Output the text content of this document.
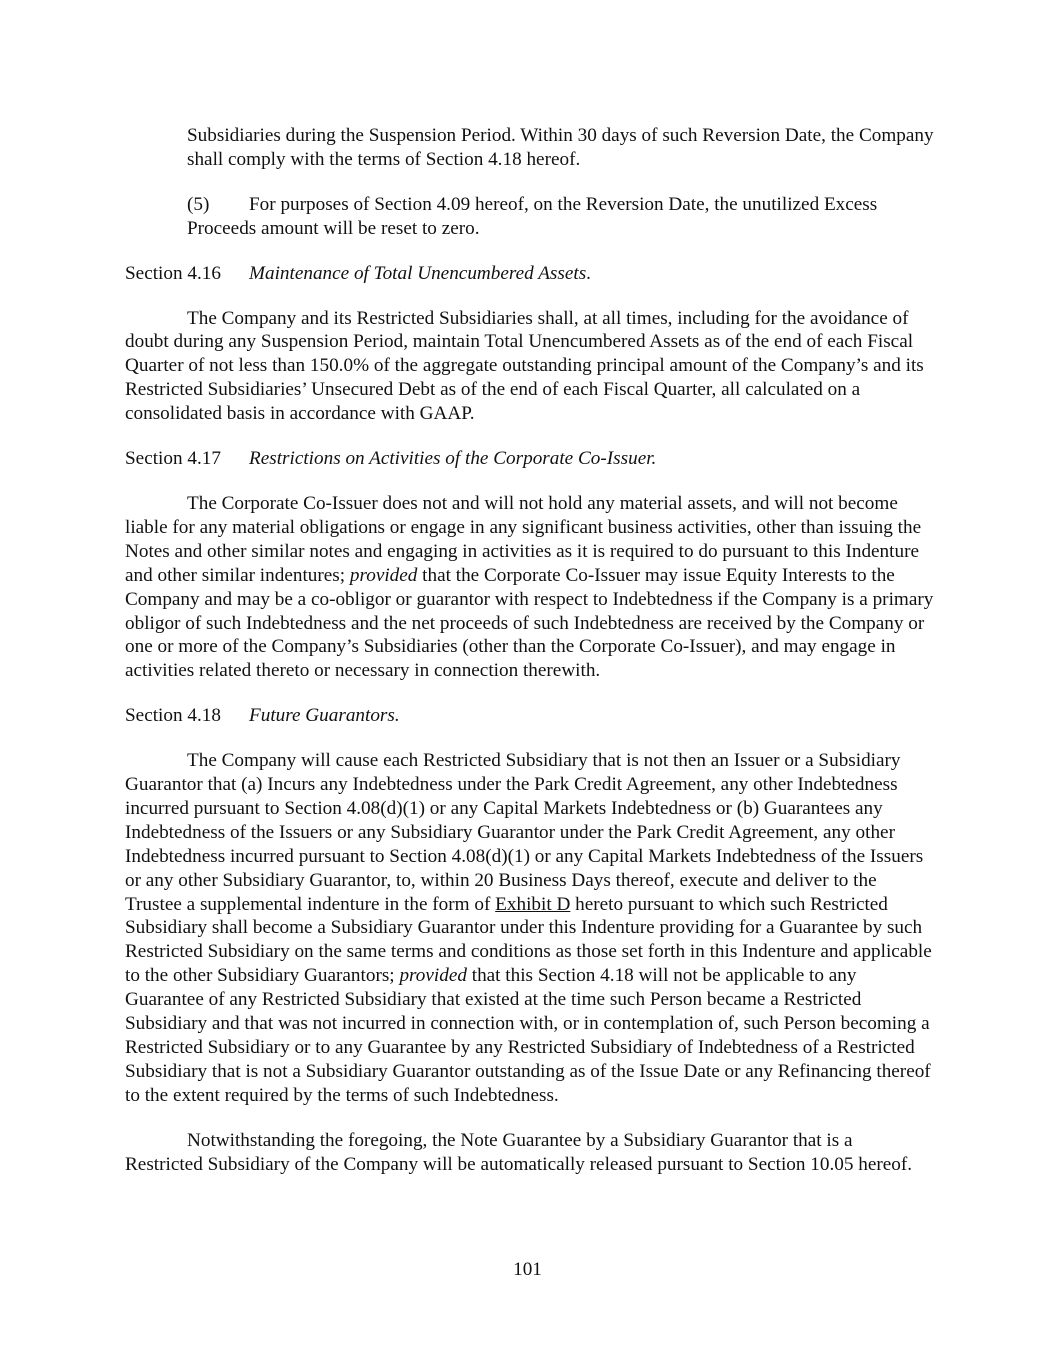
Subsidiaries during the Suspension Period. Within 30 days of such Reversion Date, the Company shall comply with the terms of Section 4.18 hereof.

(5) For purposes of Section 4.09 hereof, on the Reversion Date, the unutilized Excess Proceeds amount will be reset to zero.

Section 4.16 Maintenance of Total Unencumbered Assets.

The Company and its Restricted Subsidiaries shall, at all times, including for the avoidance of doubt during any Suspension Period, maintain Total Unencumbered Assets as of the end of each Fiscal Quarter of not less than 150.0% of the aggregate outstanding principal amount of the Company’s and its Restricted Subsidiaries’ Unsecured Debt as of the end of each Fiscal Quarter, all calculated on a consolidated basis in accordance with GAAP.

Section 4.17 Restrictions on Activities of the Corporate Co-Issuer.

The Corporate Co-Issuer does not and will not hold any material assets, and will not become liable for any material obligations or engage in any significant business activities, other than issuing the Notes and other similar notes and engaging in activities as it is required to do pursuant to this Indenture and other similar indentures; provided that the Corporate Co-Issuer may issue Equity Interests to the Company and may be a co-obligor or guarantor with respect to Indebtedness if the Company is a primary obligor of such Indebtedness and the net proceeds of such Indebtedness are received by the Company or one or more of the Company’s Subsidiaries (other than the Corporate Co-Issuer), and may engage in activities related thereto or necessary in connection therewith.

Section 4.18 Future Guarantors.

The Company will cause each Restricted Subsidiary that is not then an Issuer or a Subsidiary Guarantor that (a) Incurs any Indebtedness under the Park Credit Agreement, any other Indebtedness incurred pursuant to Section 4.08(d)(1) or any Capital Markets Indebtedness or (b) Guarantees any Indebtedness of the Issuers or any Subsidiary Guarantor under the Park Credit Agreement, any other Indebtedness incurred pursuant to Section 4.08(d)(1) or any Capital Markets Indebtedness of the Issuers or any other Subsidiary Guarantor, to, within 20 Business Days thereof, execute and deliver to the Trustee a supplemental indenture in the form of Exhibit D hereto pursuant to which such Restricted Subsidiary shall become a Subsidiary Guarantor under this Indenture providing for a Guarantee by such Restricted Subsidiary on the same terms and conditions as those set forth in this Indenture and applicable to the other Subsidiary Guarantors; provided that this Section 4.18 will not be applicable to any Guarantee of any Restricted Subsidiary that existed at the time such Person became a Restricted Subsidiary and that was not incurred in connection with, or in contemplation of, such Person becoming a Restricted Subsidiary or to any Guarantee by any Restricted Subsidiary of Indebtedness of a Restricted Subsidiary that is not a Subsidiary Guarantor outstanding as of the Issue Date or any Refinancing thereof to the extent required by the terms of such Indebtedness.

Notwithstanding the foregoing, the Note Guarantee by a Subsidiary Guarantor that is a Restricted Subsidiary of the Company will be automatically released pursuant to Section 10.05 hereof.

101
